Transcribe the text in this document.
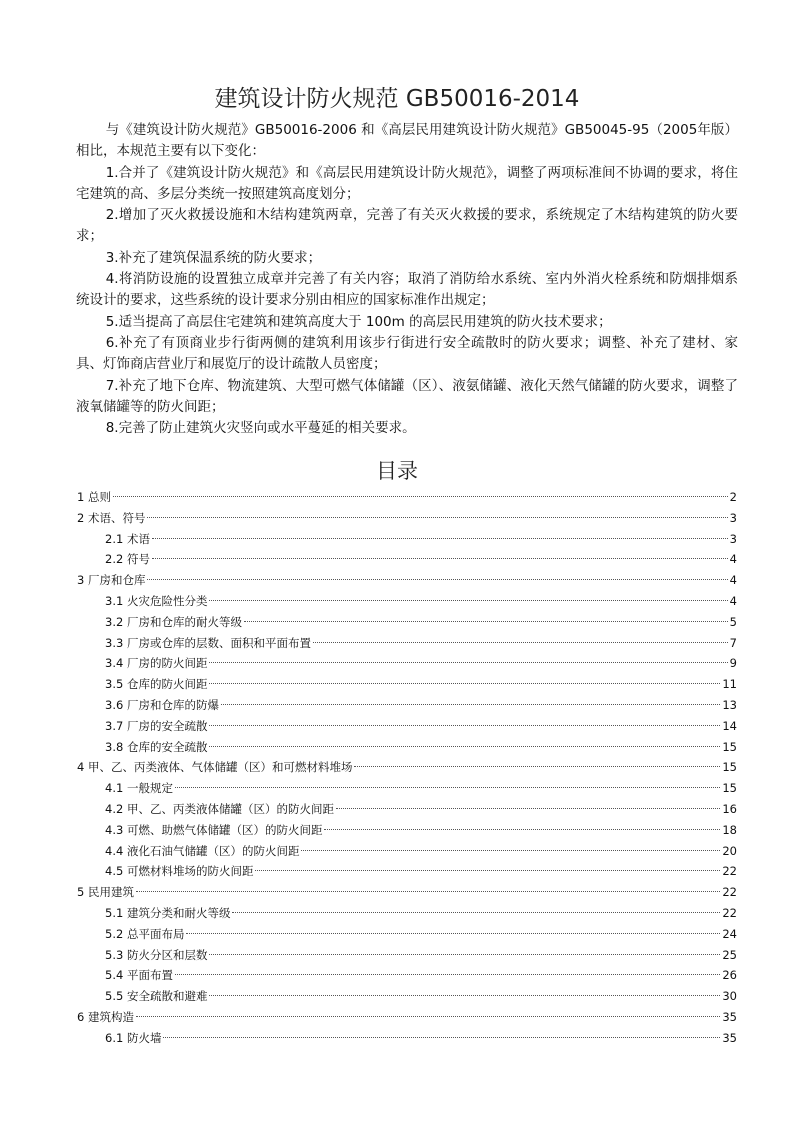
建筑设计防火规范 GB50016-2014

与《建筑设计防火规范》GB50016-2006 和《高层民用建筑设计防火规范》GB50045-95（2005年版）相比，本规范主要有以下变化：

1.合并了《建筑设计防火规范》和《高层民用建筑设计防火规范》，调整了两项标准间不协调的要求，将住宅建筑的高、多层分类统一按照建筑高度划分；

2.增加了灭火救援设施和木结构建筑两章，完善了有关灭火救援的要求，系统规定了木结构建筑的防火要求；

3.补充了建筑保温系统的防火要求；

4.将消防设施的设置独立成章并完善了有关内容；取消了消防给水系统、室内外消火栓系统和防烟排烟系统设计的要求，这些系统的设计要求分别由相应的国家标准作出规定；

5.适当提高了高层住宅建筑和建筑高度大于 100m 的高层民用建筑的防火技术要求；

6.补充了有顶商业步行街两侧的建筑利用该步行街进行安全疏散时的防火要求；调整、补充了建材、家具、灯饰商店营业厅和展览厅的设计疏散人员密度；

7.补充了地下仓库、物流建筑、大型可燃气体储罐（区）、液氨储罐、液化天然气储罐的防火要求，调整了液氧储罐等的防火间距；

8.完善了防止建筑火灾竖向或水平蔓延的相关要求。

目录
1 总则	2
2 术语、符号	3
2.1 术语	3
2.2 符号	4
3 厂房和仓库	4
3.1 火灾危险性分类	4
3.2 厂房和仓库的耐火等级	5
3.3 厂房或仓库的层数、面积和平面布置	7
3.4 厂房的防火间距	9
3.5 仓库的防火间距	11
3.6 厂房和仓库的防爆	13
3.7 厂房的安全疏散	14
3.8 仓库的安全疏散	15
4 甲、乙、丙类液体、气体储罐（区）和可燃材料堆场	15
4.1 一般规定	15
4.2 甲、乙、丙类液体储罐（区）的防火间距	16
4.3 可燃、助燃气体储罐（区）的防火间距	18
4.4 液化石油气储罐（区）的防火间距	20
4.5 可燃材料堆场的防火间距	22
5 民用建筑	22
5.1 建筑分类和耐火等级	22
5.2 总平面布局	24
5.3 防火分区和层数	25
5.4 平面布置	26
5.5 安全疏散和避难	30
6 建筑构造	35
6.1 防火墙	35
